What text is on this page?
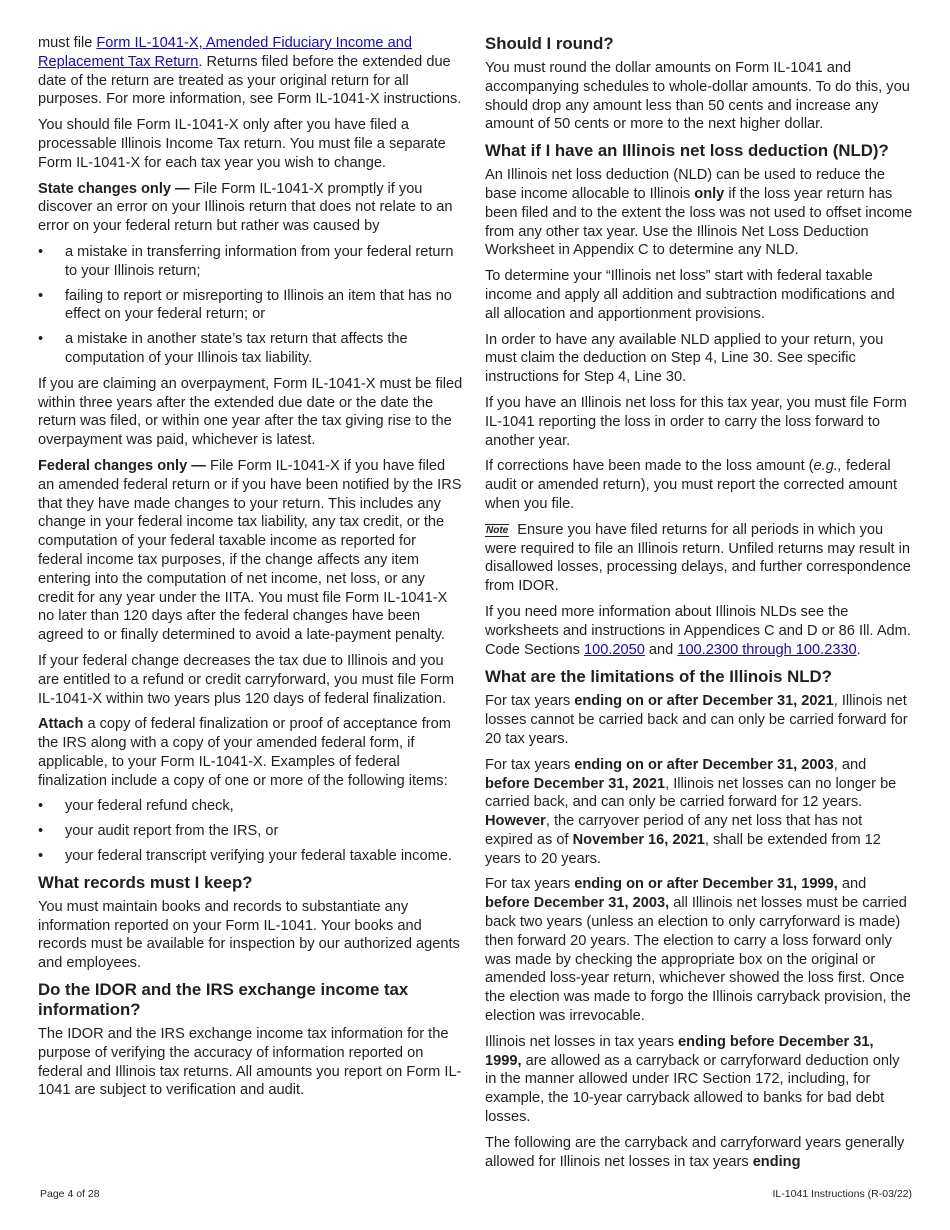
must file Form IL-1041-X, Amended Fiduciary Income and Replacement Tax Return. Returns filed before the extended due date of the return are treated as your original return for all purposes. For more information, see Form IL-1041-X instructions.

You should file Form IL-1041-X only after you have filed a processable Illinois Income Tax return. You must file a separate Form IL-1041-X for each tax year you wish to change.

State changes only — File Form IL-1041-X promptly if you discover an error on your Illinois return that does not relate to an error on your federal return but rather was caused by

•	a mistake in transferring information from your federal return to your Illinois return;
•	failing to report or misreporting to Illinois an item that has no effect on your federal return; or
•	a mistake in another state’s tax return that affects the computation of your Illinois tax liability.

If you are claiming an overpayment, Form IL-1041-X must be filed within three years after the extended due date or the date the return was filed, or within one year after the tax giving rise to the overpayment was paid, whichever is latest.

Federal changes only — File Form IL-1041-X if you have filed an amended federal return or if you have been notified by the IRS that they have made changes to your return. This includes any change in your federal income tax liability, any tax credit, or the computation of your federal taxable income as reported for federal income tax purposes, if the change affects any item entering into the computation of net income, net loss, or any credit for any year under the IITA. You must file Form IL-1041-X no later than 120 days after the federal changes have been agreed to or finally determined to avoid a late-payment penalty.

If your federal change decreases the tax due to Illinois and you are entitled to a refund or credit carryforward, you must file Form IL-1041-X within two years plus 120 days of federal finalization.

Attach a copy of federal finalization or proof of acceptance from the IRS along with a copy of your amended federal form, if applicable, to your Form IL-1041-X. Examples of federal finalization include a copy of one or more of the following items:

•	your federal refund check,
•	your audit report from the IRS, or
•	your federal transcript verifying your federal taxable income.
What records must I keep?

You must maintain books and records to substantiate any information reported on your Form IL-1041. Your books and records must be available for inspection by our authorized agents and employees.

Do the IDOR and the IRS exchange income tax information?

The IDOR and the IRS exchange income tax information for the purpose of verifying the accuracy of information reported on federal and Illinois tax returns. All amounts you report on Form IL-1041 are subject to verification and audit.

Should I round?

You must round the dollar amounts on Form IL-1041 and accompanying schedules to whole-dollar amounts. To do this, you should drop any amount less than 50 cents and increase any amount of 50 cents or more to the next higher dollar.

What if I have an Illinois net loss deduction (NLD)?

An Illinois net loss deduction (NLD) can be used to reduce the base income allocable to Illinois only if the loss year return has been filed and to the extent the loss was not used to offset income from any other tax year. Use the Illinois Net Loss Deduction Worksheet in Appendix C to determine any NLD.

To determine your “Illinois net loss” start with federal taxable income and apply all addition and subtraction modifications and all allocation and apportionment provisions.

In order to have any available NLD applied to your return, you must claim the deduction on Step 4, Line 30. See specific instructions for Step 4, Line 30.

If you have an Illinois net loss for this tax year, you must file Form IL-1041 reporting the loss in order to carry the loss forward to another year.

If corrections have been made to the loss amount (e.g., federal audit or amended return), you must report the corrected amount when you file.

Note Ensure you have filed returns for all periods in which you were required to file an Illinois return. Unfiled returns may result in disallowed losses, processing delays, and further correspondence from IDOR.

If you need more information about Illinois NLDs see the worksheets and instructions in Appendices C and D or 86 Ill. Adm. Code Sections 100.2050 and 100.2300 through 100.2330.

What are the limitations of the Illinois NLD?

For tax years ending on or after December 31, 2021, Illinois net losses cannot be carried back and can only be carried forward for 20 tax years.

For tax years ending on or after December 31, 2003, and before December 31, 2021, Illinois net losses can no longer be carried back, and can only be carried forward for 12 years. However, the carryover period of any net loss that has not expired as of November 16, 2021, shall be extended from 12 years to 20 years.

For tax years ending on or after December 31, 1999, and before December 31, 2003, all Illinois net losses must be carried back two years (unless an election to only carryforward is made) then forward 20 years. The election to carry a loss forward only was made by checking the appropriate box on the original or amended loss-year return, whichever showed the loss first. Once the election was made to forgo the Illinois carryback provision, the election was irrevocable.

Illinois net losses in tax years ending before December 31, 1999, are allowed as a carryback or carryforward deduction only in the manner allowed under IRC Section 172, including, for example, the 10-year carryback allowed to banks for bad debt losses.

The following are the carryback and carryforward years generally allowed for Illinois net losses in tax years ending

Page 4 of 28	IL-1041 Instructions (R-03/22)
